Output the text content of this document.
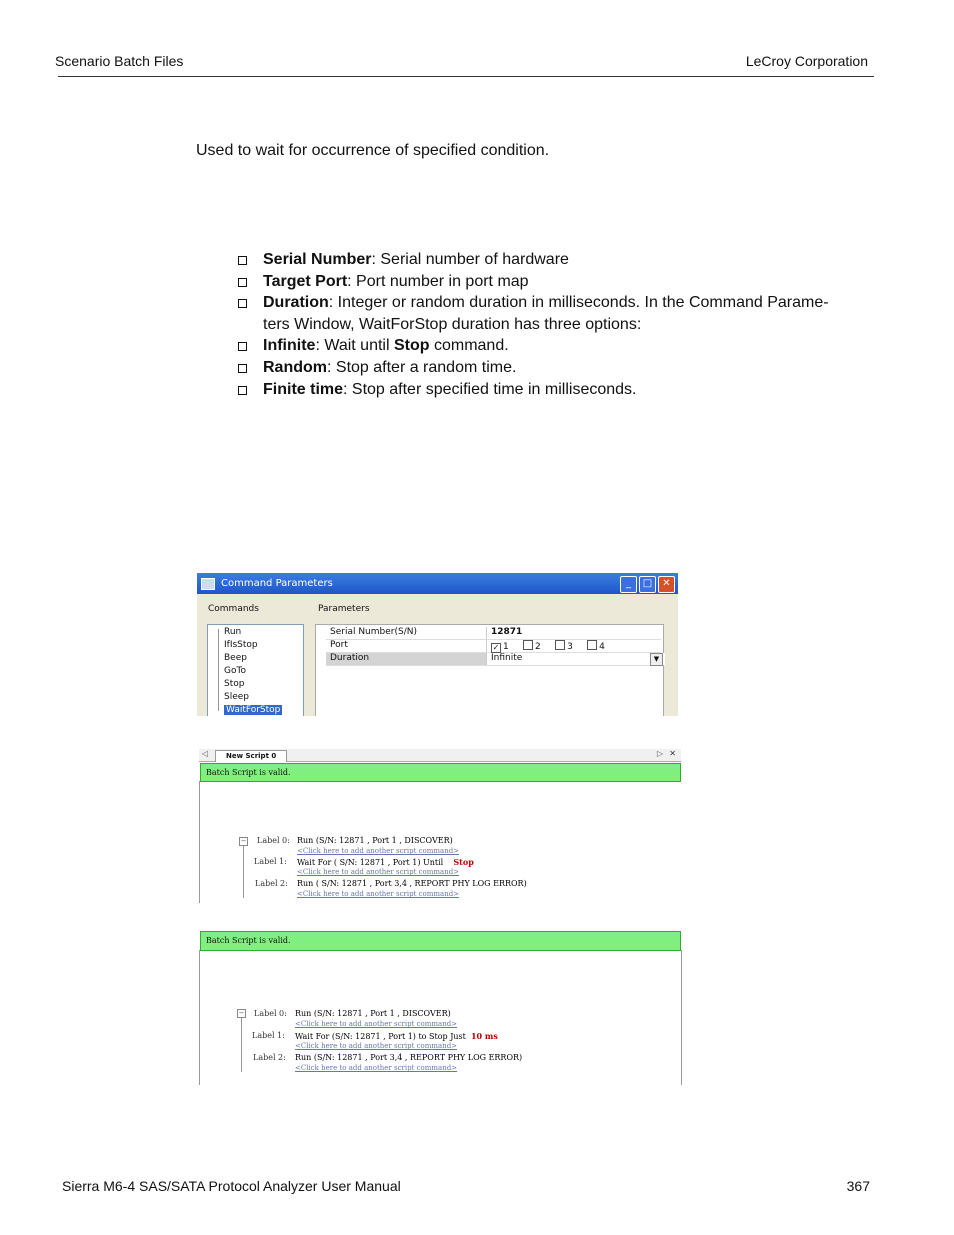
Scenario Batch Files	LeCroy Corporation
Used to wait for occurrence of specified condition.
Serial Number: Serial number of hardware
Target Port: Port number in port map
Duration: Integer or random duration in milliseconds. In the Command Parame-
ters Window, WaitForStop duration has three options:
Infinite: Wait until Stop command.
Random: Stop after a random time.
Finite time: Stop after specified time in milliseconds.
Command Parameters	_	□	✕
Commands	Parameters
Run
IfIsStop
Beep
GoTo
Stop
Sleep
WaitForStop
Serial Number(S/N)	12871
Port	✓ 1	2	3	4
Duration	Infinite	▼
◁	New Script 0	▷ ✕
Batch Script is valid.
− Label 0: Run (S/N: 12871 , Port 1 , DISCOVER)
<Click here to add another script command>
Label 1: Wait For ( S/N: 12871 , Port 1) Until Stop
<Click here to add another script command>
Label 2: Run ( S/N: 12871 , Port 3,4 , REPORT PHY LOG ERROR)
<Click here to add another script command>
Batch Script is valid.
− Label 0: Run (S/N: 12871 , Port 1 , DISCOVER)
<Click here to add another script command>
Label 1: Wait For (S/N: 12871 , Port 1) to Stop Just 10 ms
<Click here to add another script command>
Label 2: Run (S/N: 12871 , Port 3,4 , REPORT PHY LOG ERROR)
<Click here to add another script command>
Sierra M6-4 SAS/SATA Protocol Analyzer User Manual	367
